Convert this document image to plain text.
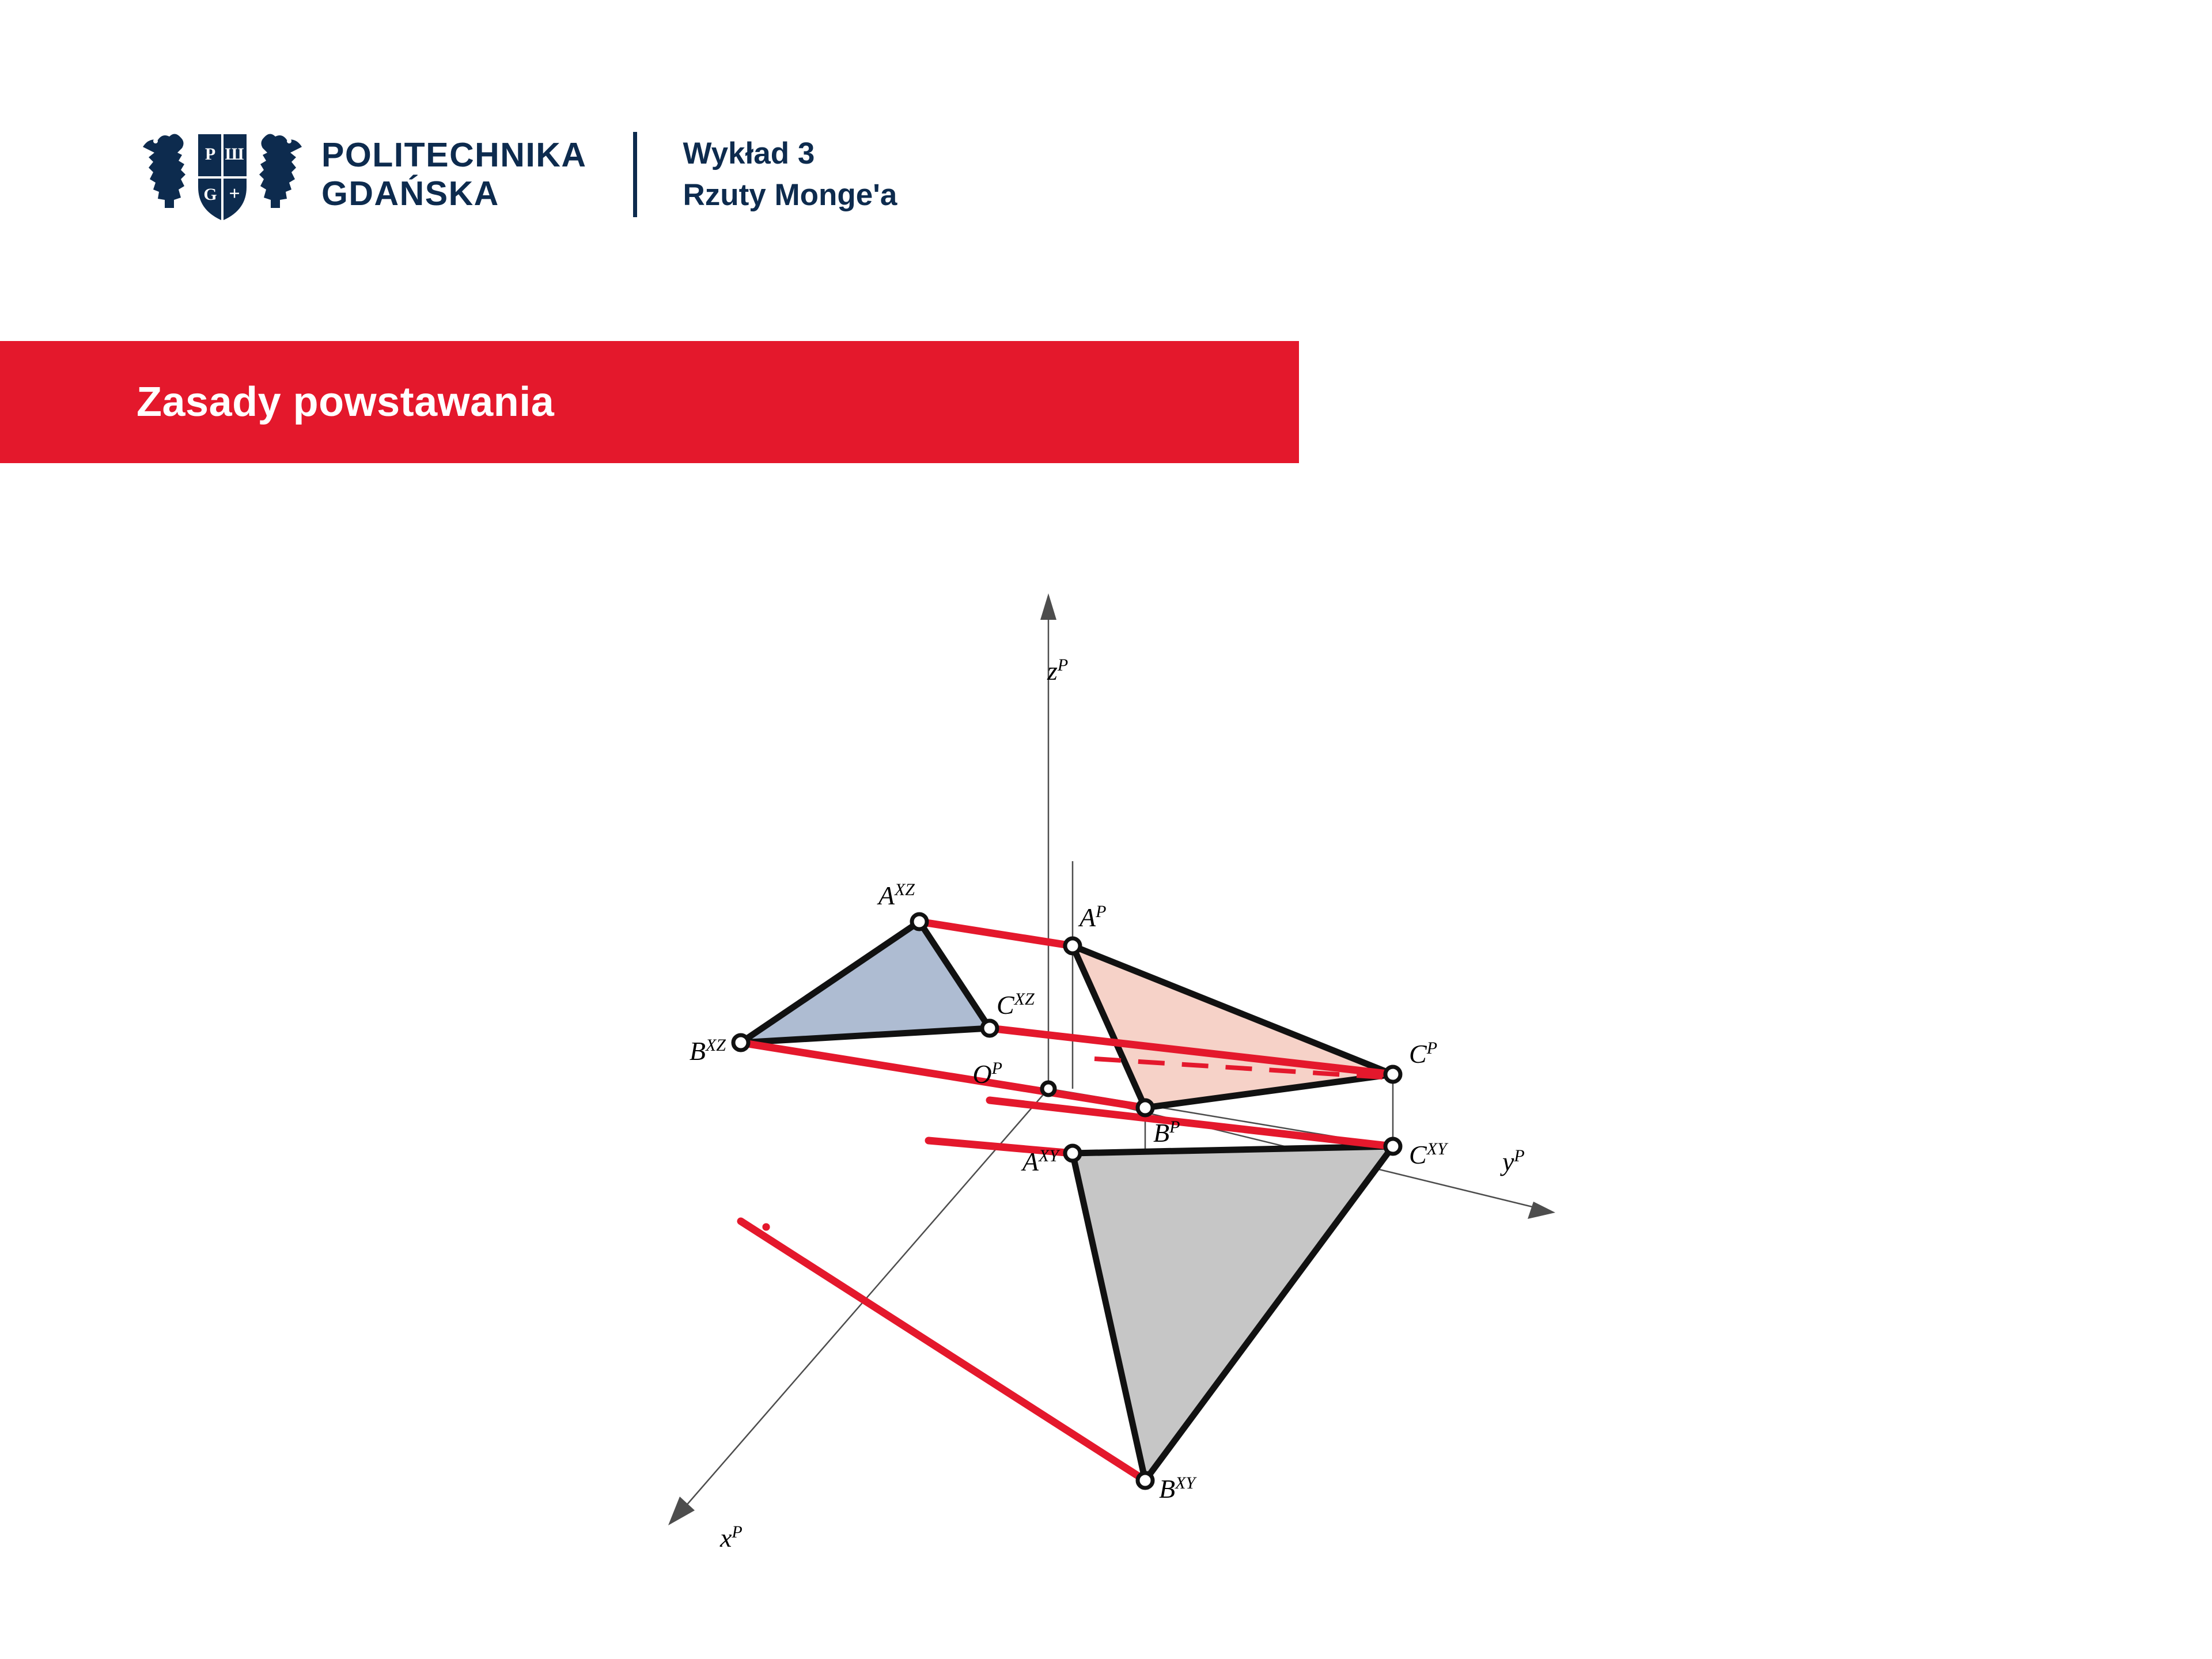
P Ш
G +
POLITECHNIKA
GDAŃSKA
Wykład 3
Rzuty Monge'a
Zasady powstawania
$z^P$
$y^P$
$x^P$
$O^P$
$A^{XZ}$
$B^{XZ}$
$C^{XZ}$
$A^P$
$B^P$
$C^P$
$A^{XY}$
$B^{XY}$
$C^{XY}$
